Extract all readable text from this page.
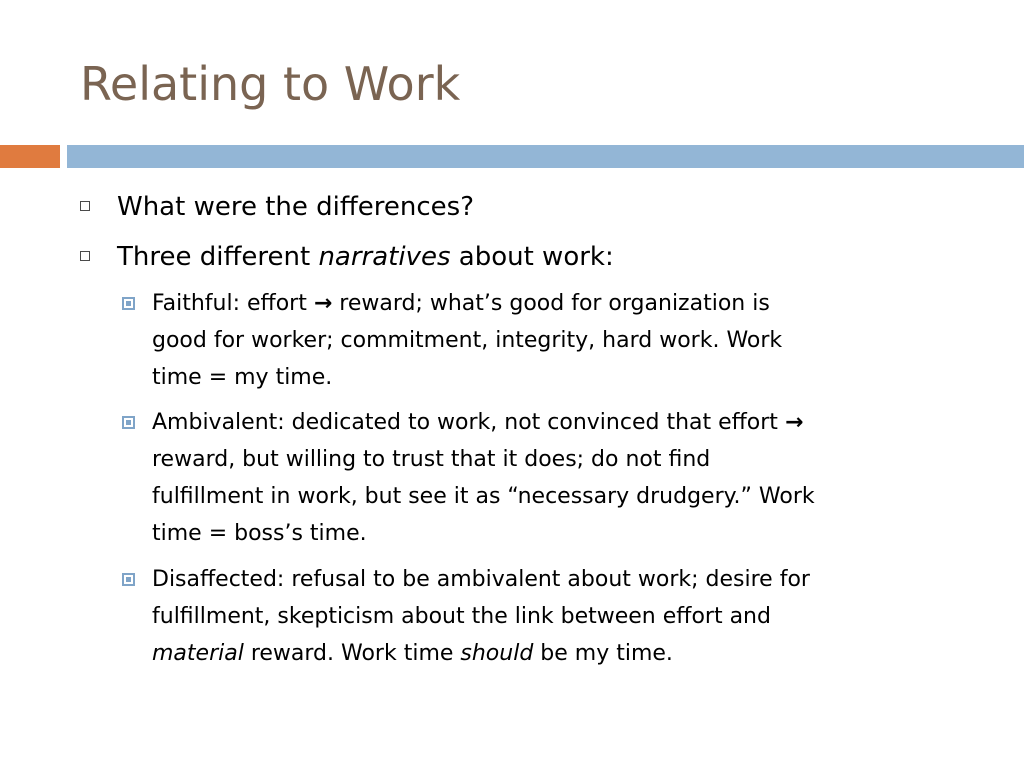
Relating to Work
What were the differences?
Three different narratives about work:
Faithful: effort → reward; what’s good for organization is
good for worker; commitment, integrity, hard work. Work
time = my time.
Ambivalent: dedicated to work, not convinced that effort →
reward, but willing to trust that it does; do not find
fulfillment in work, but see it as “necessary drudgery.” Work
time = boss’s time.
Disaffected: refusal to be ambivalent about work; desire for
fulfillment, skepticism about the link between effort and
material reward. Work time should be my time.
